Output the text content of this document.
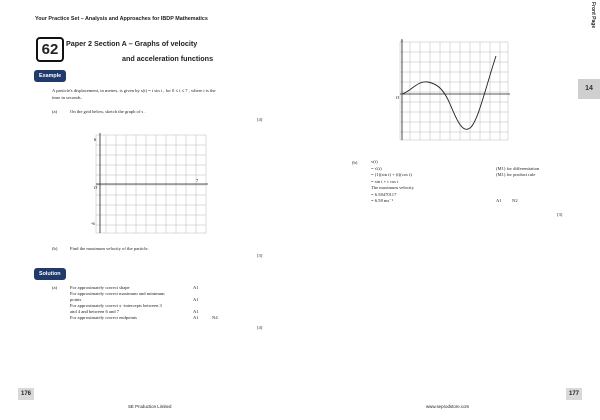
Your Practice Set – Analysis and Approaches for IBDP Mathematics	Front Page
62	Paper 2 Section A – Graphs of velocity
and acceleration functions
Example
A particle's displacement, in metres, is given by s(t) = t sin t , for 0 ≤ t ≤ 7 , where t is the
time in seconds.
(a)	On the grid below, sketch the graph of s .
[4]
6
-6
O
7
(b)	Find the maximum velocity of the particle.
[3]
Solution
(a)	For approximately correct shape	A1
For approximately correct maximum and minimum
points	A1
For approximately correct x -intercepts between 3
and 4 and between 6 and 7	A1
For approximately correct endpoints	A1	N4
[4]
y
O
(b)	v(t)
= s'(t)	(M1) for differentiation
= (1)(sin t) + (t)(cos t)	(M1) for product rule
= sin t + t cos t
The maximum velocity
= 6.58470117
= 6.58 ms⁻¹	A1 N2
[3]
14
176	177
SE Production Limited	www.seprodstore.com
